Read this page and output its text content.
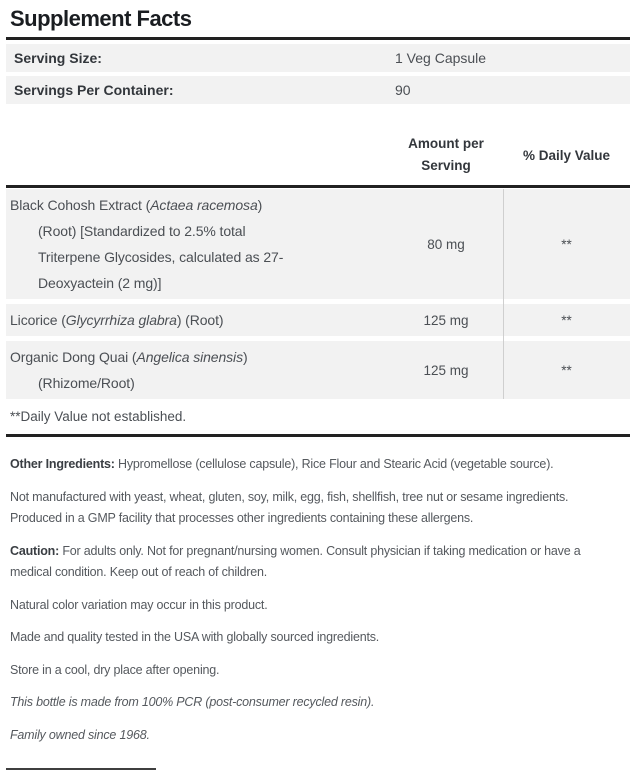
Supplement Facts
Serving Size:	1 Veg Capsule
Servings Per Container:	90
Amount per
Serving
% Daily Value
Black Cohosh Extract (Actaea racemosa)
(Root) [Standardized to 2.5% total
Triterpene Glycosides, calculated as 27-
Deoxyactein (2 mg)]
80 mg	**
Licorice (Glycyrrhiza glabra) (Root)	125 mg	**
Organic Dong Quai (Angelica sinensis)
(Rhizome/Root)
125 mg	**
**Daily Value not established.

Other Ingredients: Hypromellose (cellulose capsule), Rice Flour and Stearic Acid (vegetable source).

Not manufactured with yeast, wheat, gluten, soy, milk, egg, fish, shellfish, tree nut or sesame ingredients. Produced in a GMP facility that processes other ingredients containing these allergens.

Caution: For adults only. Not for pregnant/nursing women. Consult physician if taking medication or have a medical condition. Keep out of reach of children.

Natural color variation may occur in this product.

Made and quality tested in the USA with globally sourced ingredients.

Store in a cool, dry place after opening.

This bottle is made from 100% PCR (post-consumer recycled resin).

Family owned since 1968.
